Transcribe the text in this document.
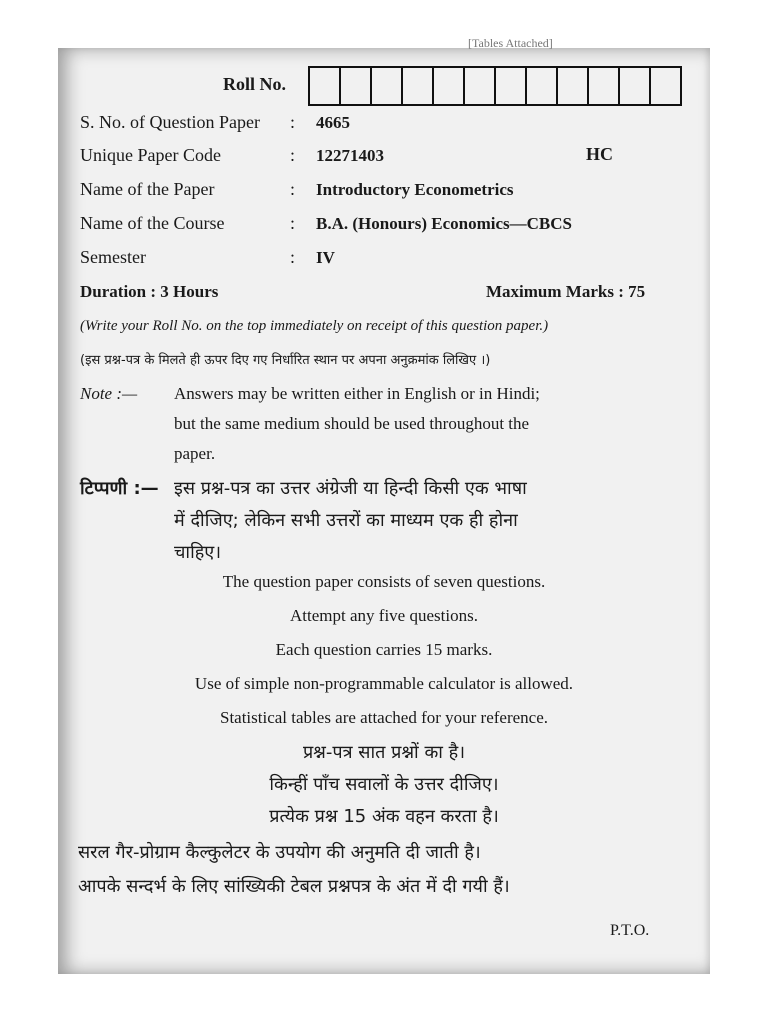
[Tables Attached]
Roll No.
S. No. of Question Paper : 4665
Unique Paper Code	: 12271403	HC
Name of the Paper	: Introductory Econometrics
Name of the Course	: B.A. (Honours) Economics—CBCS
Semester	: IV
Duration : 3 Hours	Maximum Marks : 75
(Write your Roll No. on the top immediately on receipt of this question paper.)
(इस प्रश्न-पत्र के मिलते ही ऊपर दिए गए निर्धारित स्थान पर अपना अनुक्रमांक लिखिए ।)
Note :— Answers may be written either in English or in Hindi;
but the same medium should be used throughout the
paper.
टिप्पणी :— इस प्रश्न-पत्र का उत्तर अंग्रेजी या हिन्दी किसी एक भाषा
में दीजिए; लेकिन सभी उत्तरों का माध्यम एक ही होना
चाहिए।
The question paper consists of seven questions.
Attempt any five questions.
Each question carries 15 marks.
Use of simple non-programmable calculator is allowed.
Statistical tables are attached for your reference.
प्रश्न-पत्र सात प्रश्नों का है।
किन्हीं पाँच सवालों के उत्तर दीजिए।
प्रत्येक प्रश्न 15 अंक वहन करता है।
सरल गैर-प्रोग्राम कैल्कुलेटर के उपयोग की अनुमति दी जाती है।
आपके सन्दर्भ के लिए सांख्यिकी टेबल प्रश्नपत्र के अंत में दी गयी हैं।
P.T.O.
